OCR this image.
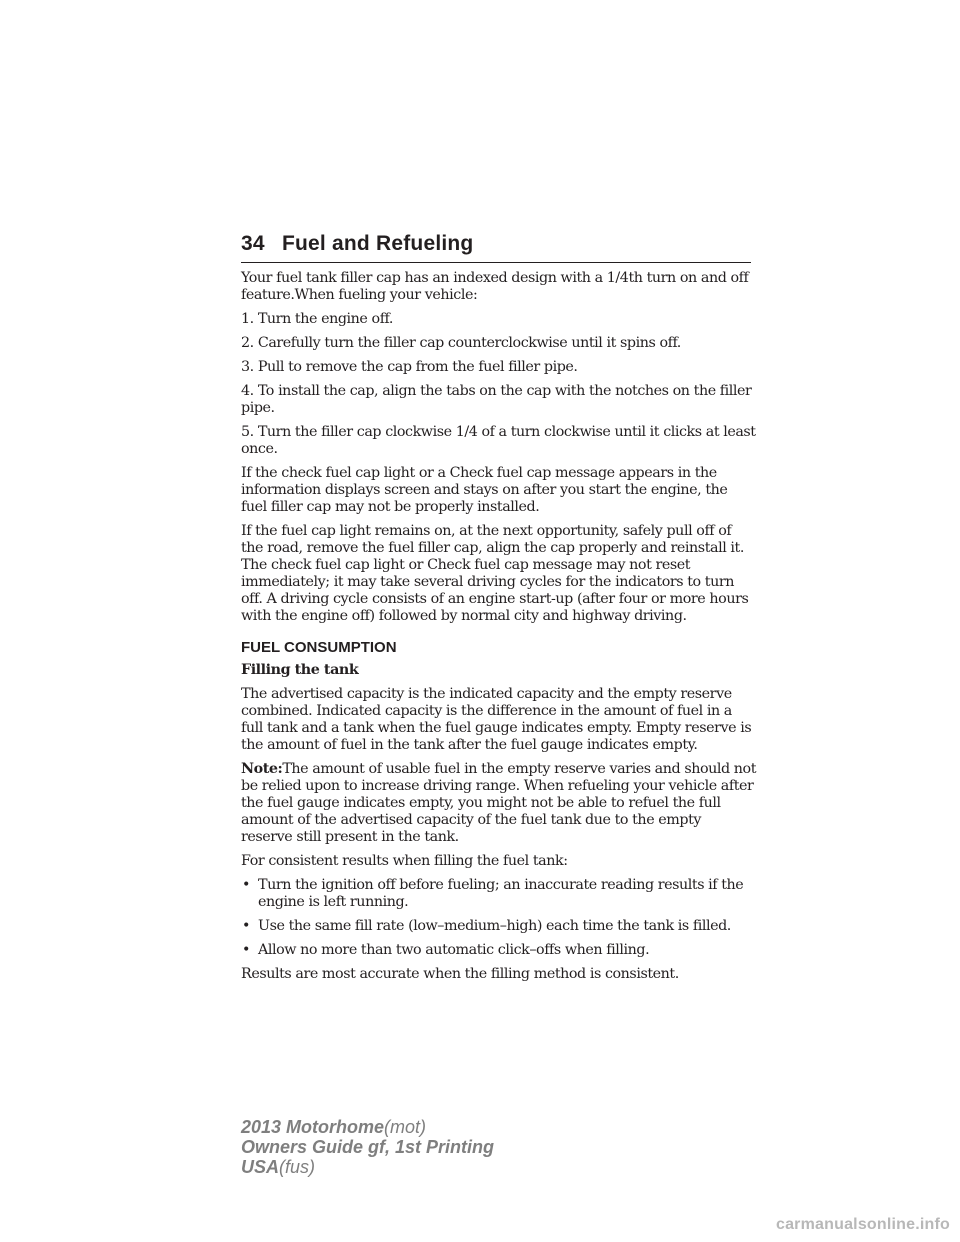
34 Fuel and Refueling

Your fuel tank filler cap has an indexed design with a 1/4th turn on and off feature.When fueling your vehicle:

1. Turn the engine off.

2. Carefully turn the filler cap counterclockwise until it spins off.

3. Pull to remove the cap from the fuel filler pipe.

4. To install the cap, align the tabs on the cap with the notches on the filler pipe.

5. Turn the filler cap clockwise 1/4 of a turn clockwise until it clicks at least once.

If the check fuel cap light or a Check fuel cap message appears in the information displays screen and stays on after you start the engine, the fuel filler cap may not be properly installed.

If the fuel cap light remains on, at the next opportunity, safely pull off of the road, remove the fuel filler cap, align the cap properly and reinstall it. The check fuel cap light or Check fuel cap message may not reset immediately; it may take several driving cycles for the indicators to turn off. A driving cycle consists of an engine start-up (after four or more hours with the engine off) followed by normal city and highway driving.

FUEL CONSUMPTION

Filling the tank

The advertised capacity is the indicated capacity and the empty reserve combined. Indicated capacity is the difference in the amount of fuel in a full tank and a tank when the fuel gauge indicates empty. Empty reserve is the amount of fuel in the tank after the fuel gauge indicates empty.

Note:The amount of usable fuel in the empty reserve varies and should not be relied upon to increase driving range. When refueling your vehicle after the fuel gauge indicates empty, you might not be able to refuel the full amount of the advertised capacity of the fuel tank due to the empty reserve still present in the tank.

For consistent results when filling the fuel tank:

• Turn the ignition off before fueling; an inaccurate reading results if the engine is left running.
• Use the same fill rate (low–medium–high) each time the tank is filled.
• Allow no more than two automatic click–offs when filling.

Results are most accurate when the filling method is consistent.

2013 Motorhome(mot)
Owners Guide gf, 1st Printing
USA(fus)
carmanualsonline.info
